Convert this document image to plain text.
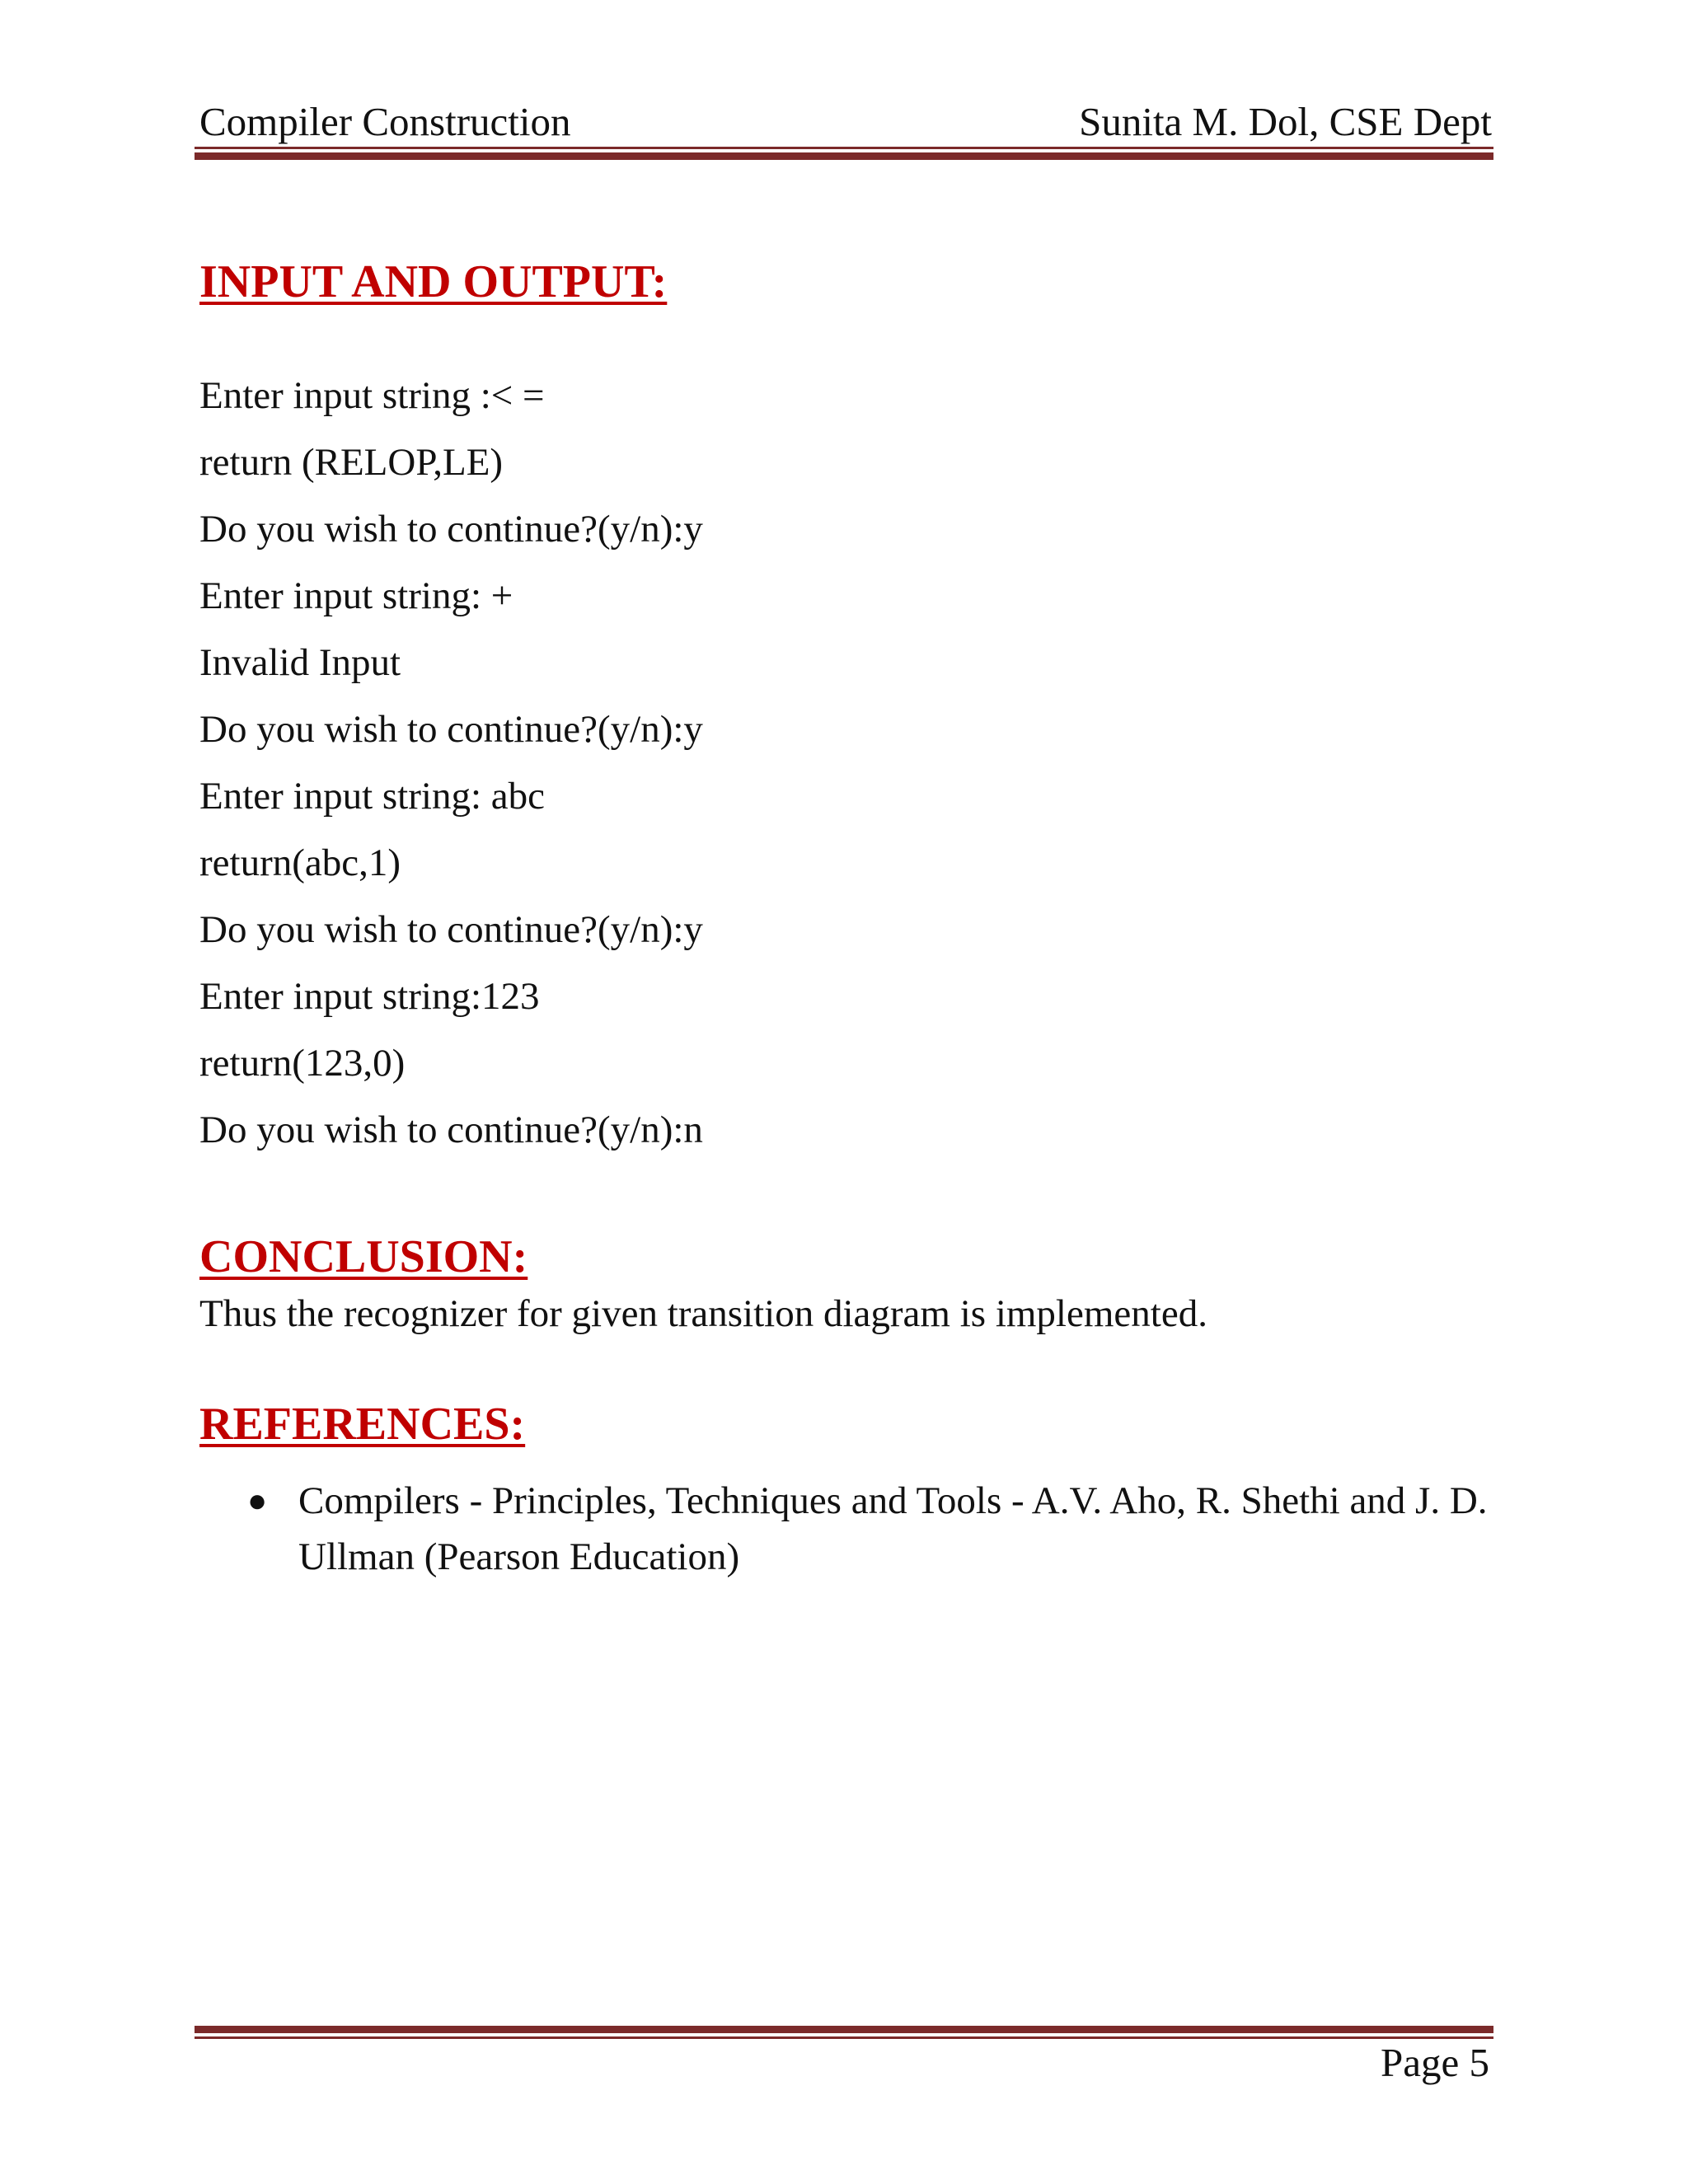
Compiler Construction	Sunita M. Dol, CSE Dept
INPUT AND OUTPUT:
Enter input string :< =
return (RELOP,LE)
Do you wish to continue?(y/n):y
Enter input string: +
Invalid Input
Do you wish to continue?(y/n):y
Enter input string: abc
return(abc,1)
Do you wish to continue?(y/n):y
Enter input string:123
return(123,0)
Do you wish to continue?(y/n):n
CONCLUSION:
Thus the recognizer for given transition diagram is implemented.
REFERENCES:
● Compilers - Principles, Techniques and Tools - A.V. Aho, R. Shethi and J. D. Ullman (Pearson Education)
Page 5
